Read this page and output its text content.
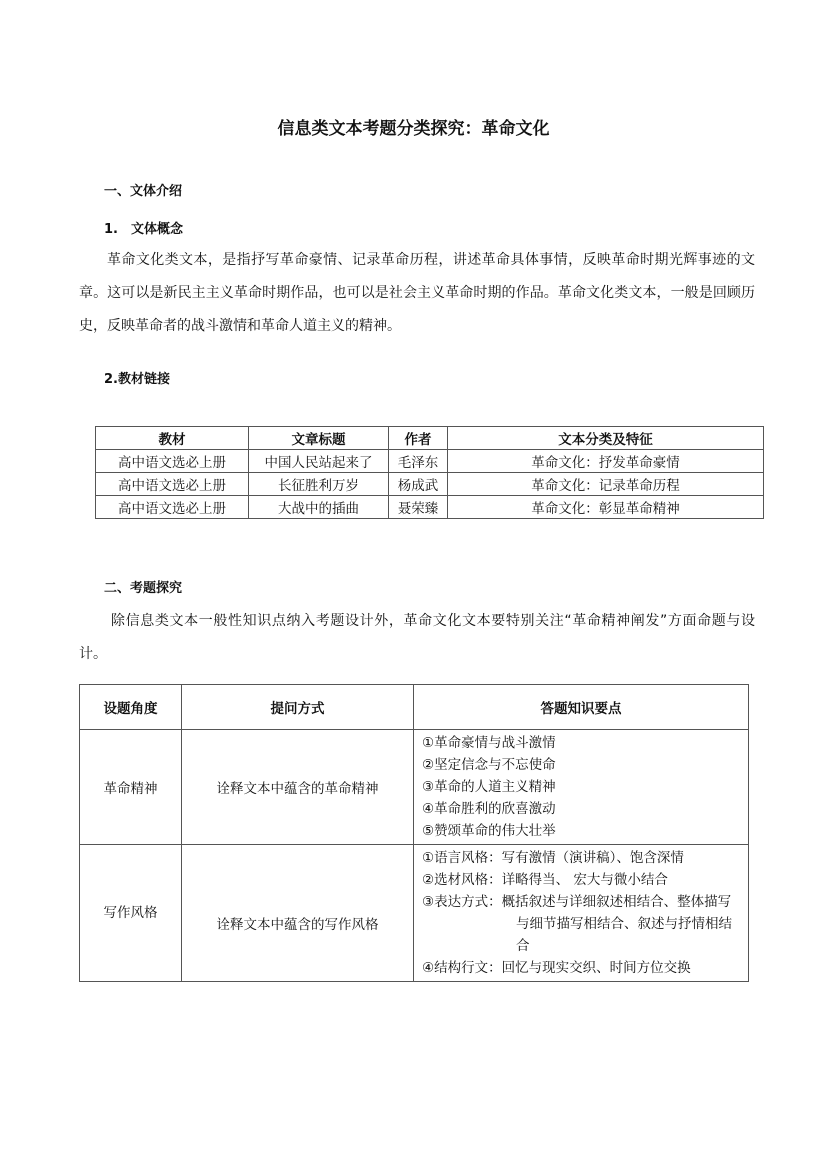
信息类文本考题分类探究：革命文化
一、文体介绍
1.　文体概念
革命文化类文本，是指抒写革命豪情、记录革命历程，讲述革命具体事情，反映革命时期光辉事迹的文章。这可以是新民主主义革命时期作品，也可以是社会主义革命时期的作品。革命文化类文本，一般是回顾历史，反映革命者的战斗激情和革命人道主义的精神。
2.教材链接
教材	文章标题	作者	文本分类及特征
高中语文选必上册	中国人民站起来了	毛泽东	革命文化：抒发革命豪情
高中语文选必上册	长征胜利万岁	杨成武	革命文化：记录革命历程
高中语文选必上册	大战中的插曲	聂荣臻	革命文化：彰显革命精神
二、考题探究
除信息类文本一般性知识点纳入考题设计外，革命文化文本要特别关注“革命精神阐发”方面命题与设计。
设题角度	提问方式	答题知识要点
革命精神	诠释文本中蕴含的革命精神	①革命豪情与战斗激情
②坚定信念与不忘使命
③革命的人道主义精神
④革命胜利的欣喜激动
⑤赞颂革命的伟大壮举

写作风格	诠释文本中蕴含的写作风格	①语言风格：写有激情（演讲稿）、饱含深情
②选材风格：详略得当、 宏大与微小结合
③表达方式：概括叙述与详细叙述相结合、整体描写与细节描写相结合、叙述与抒情相结合
④结构行文：回忆与现实交织、时间方位交换
